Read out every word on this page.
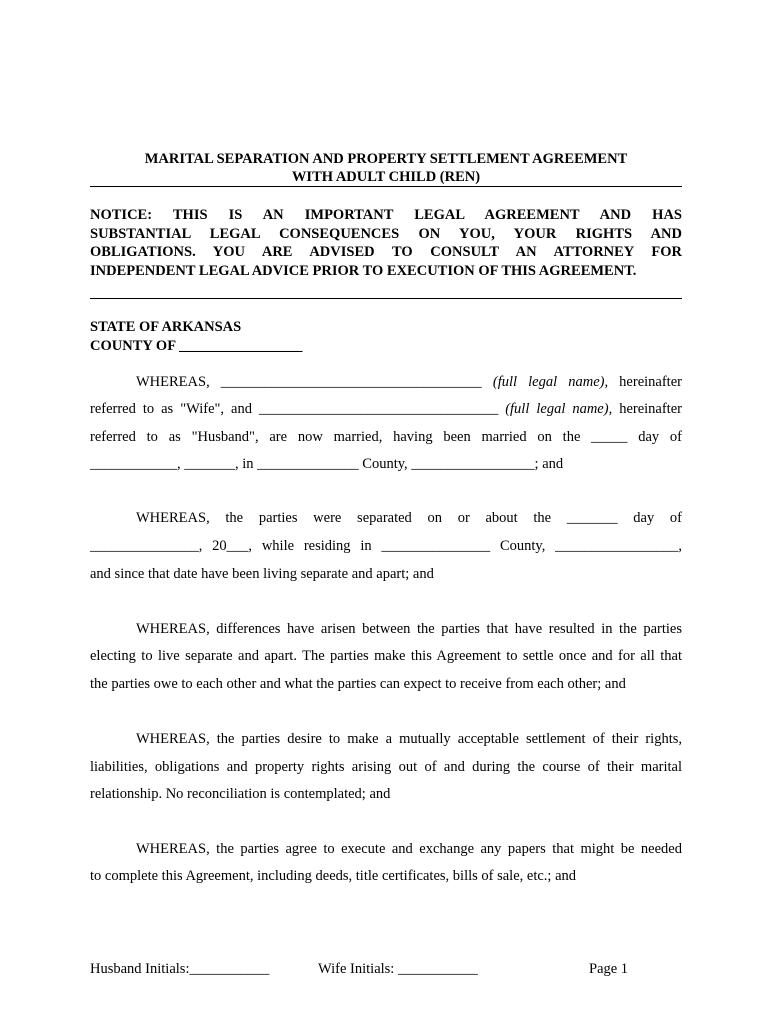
MARITAL SEPARATION AND PROPERTY SETTLEMENT AGREEMENT
WITH ADULT CHILD (REN)
NOTICE: THIS IS AN IMPORTANT LEGAL AGREEMENT AND HAS
SUBSTANTIAL LEGAL CONSEQUENCES ON YOU, YOUR RIGHTS AND
OBLIGATIONS. YOU ARE ADVISED TO CONSULT AN ATTORNEY FOR
INDEPENDENT LEGAL ADVICE PRIOR TO EXECUTION OF THIS AGREEMENT.
STATE OF ARKANSAS
COUNTY OF _________________
WHEREAS, ____________________________________ (full legal name), hereinafter
referred to as "Wife", and _________________________________ (full legal name), hereinafter
referred to as "Husband", are now married, having been married on the _____ day of
____________, _______, in ______________ County, _________________; and
WHEREAS, the parties were separated on or about the _______ day of
_______________, 20___, while residing in _______________ County, _________________,
and since that date have been living separate and apart; and
WHEREAS, differences have arisen between the parties that have resulted in the parties
electing to live separate and apart. The parties make this Agreement to settle once and for all that
the parties owe to each other and what the parties can expect to receive from each other; and
WHEREAS, the parties desire to make a mutually acceptable settlement of their rights,
liabilities, obligations and property rights arising out of and during the course of their marital
relationship. No reconciliation is contemplated; and
WHEREAS, the parties agree to execute and exchange any papers that might be needed
to complete this Agreement, including deeds, title certificates, bills of sale, etc.; and
Husband Initials:___________	Wife Initials: ___________	Page 1
